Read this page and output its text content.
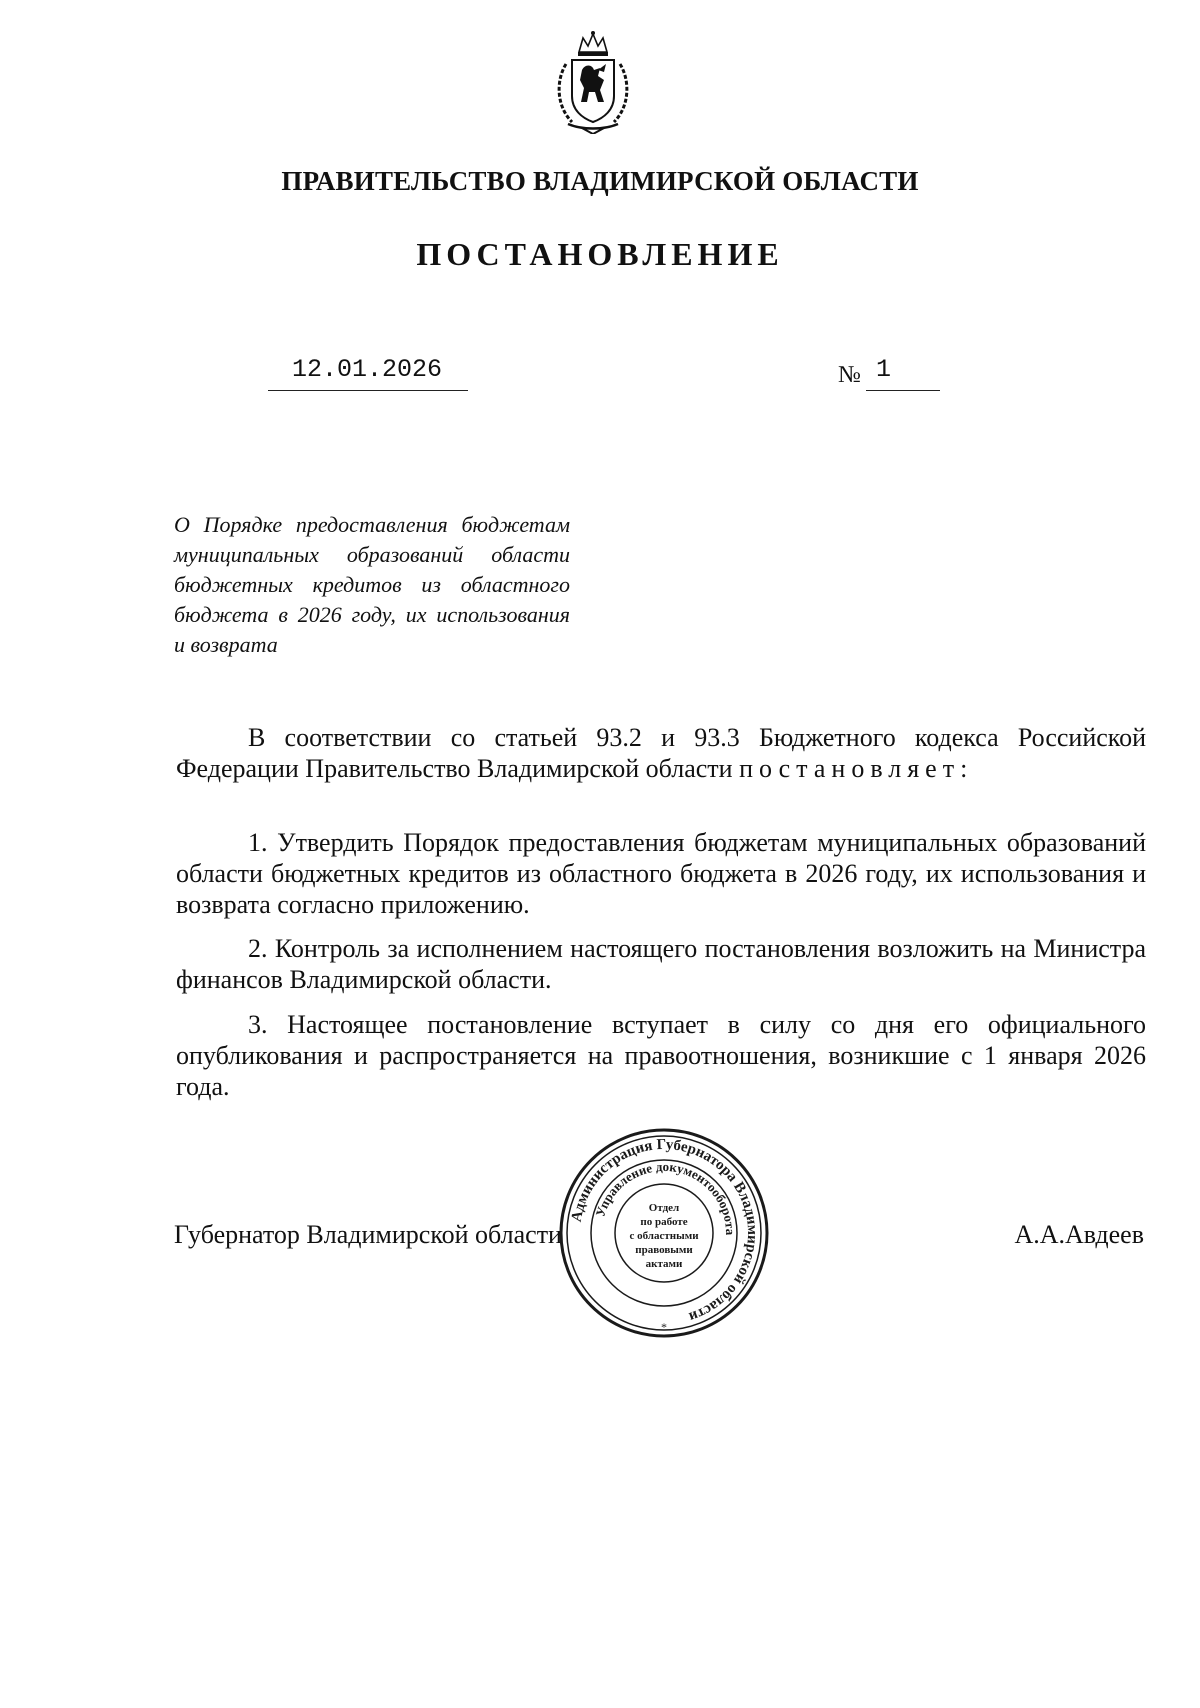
ПРАВИТЕЛЬСТВО ВЛАДИМИРСКОЙ ОБЛАСТИ
ПОСТАНОВЛЕНИЕ
12.01.2026	№ 1
О Порядке предоставления бюджетам муниципальных образований области бюджетных кредитов из областного бюджета в 2026 году, их использования
и возврата
В соответствии со статьей 93.2 и 93.3 Бюджетного кодекса Российской Федерации Правительство Владимирской области постановляет:
1. Утвердить Порядок предоставления бюджетам муниципальных образований области бюджетных кредитов из областного бюджета в 2026 году, их использования и возврата согласно приложению.
2. Контроль за исполнением настоящего постановления возложить на Министра финансов Владимирской области.
3. Настоящее постановление вступает в силу со дня его официального опубликования и распространяется на правоотношения, возникшие с 1 января 2026 года.
Губернатор Владимирской области	А.А.Авдеев
Администрация Губернатора Владимирской области
Управление документооборота
Отдел
по работе
с областными
правовыми
актами
*
